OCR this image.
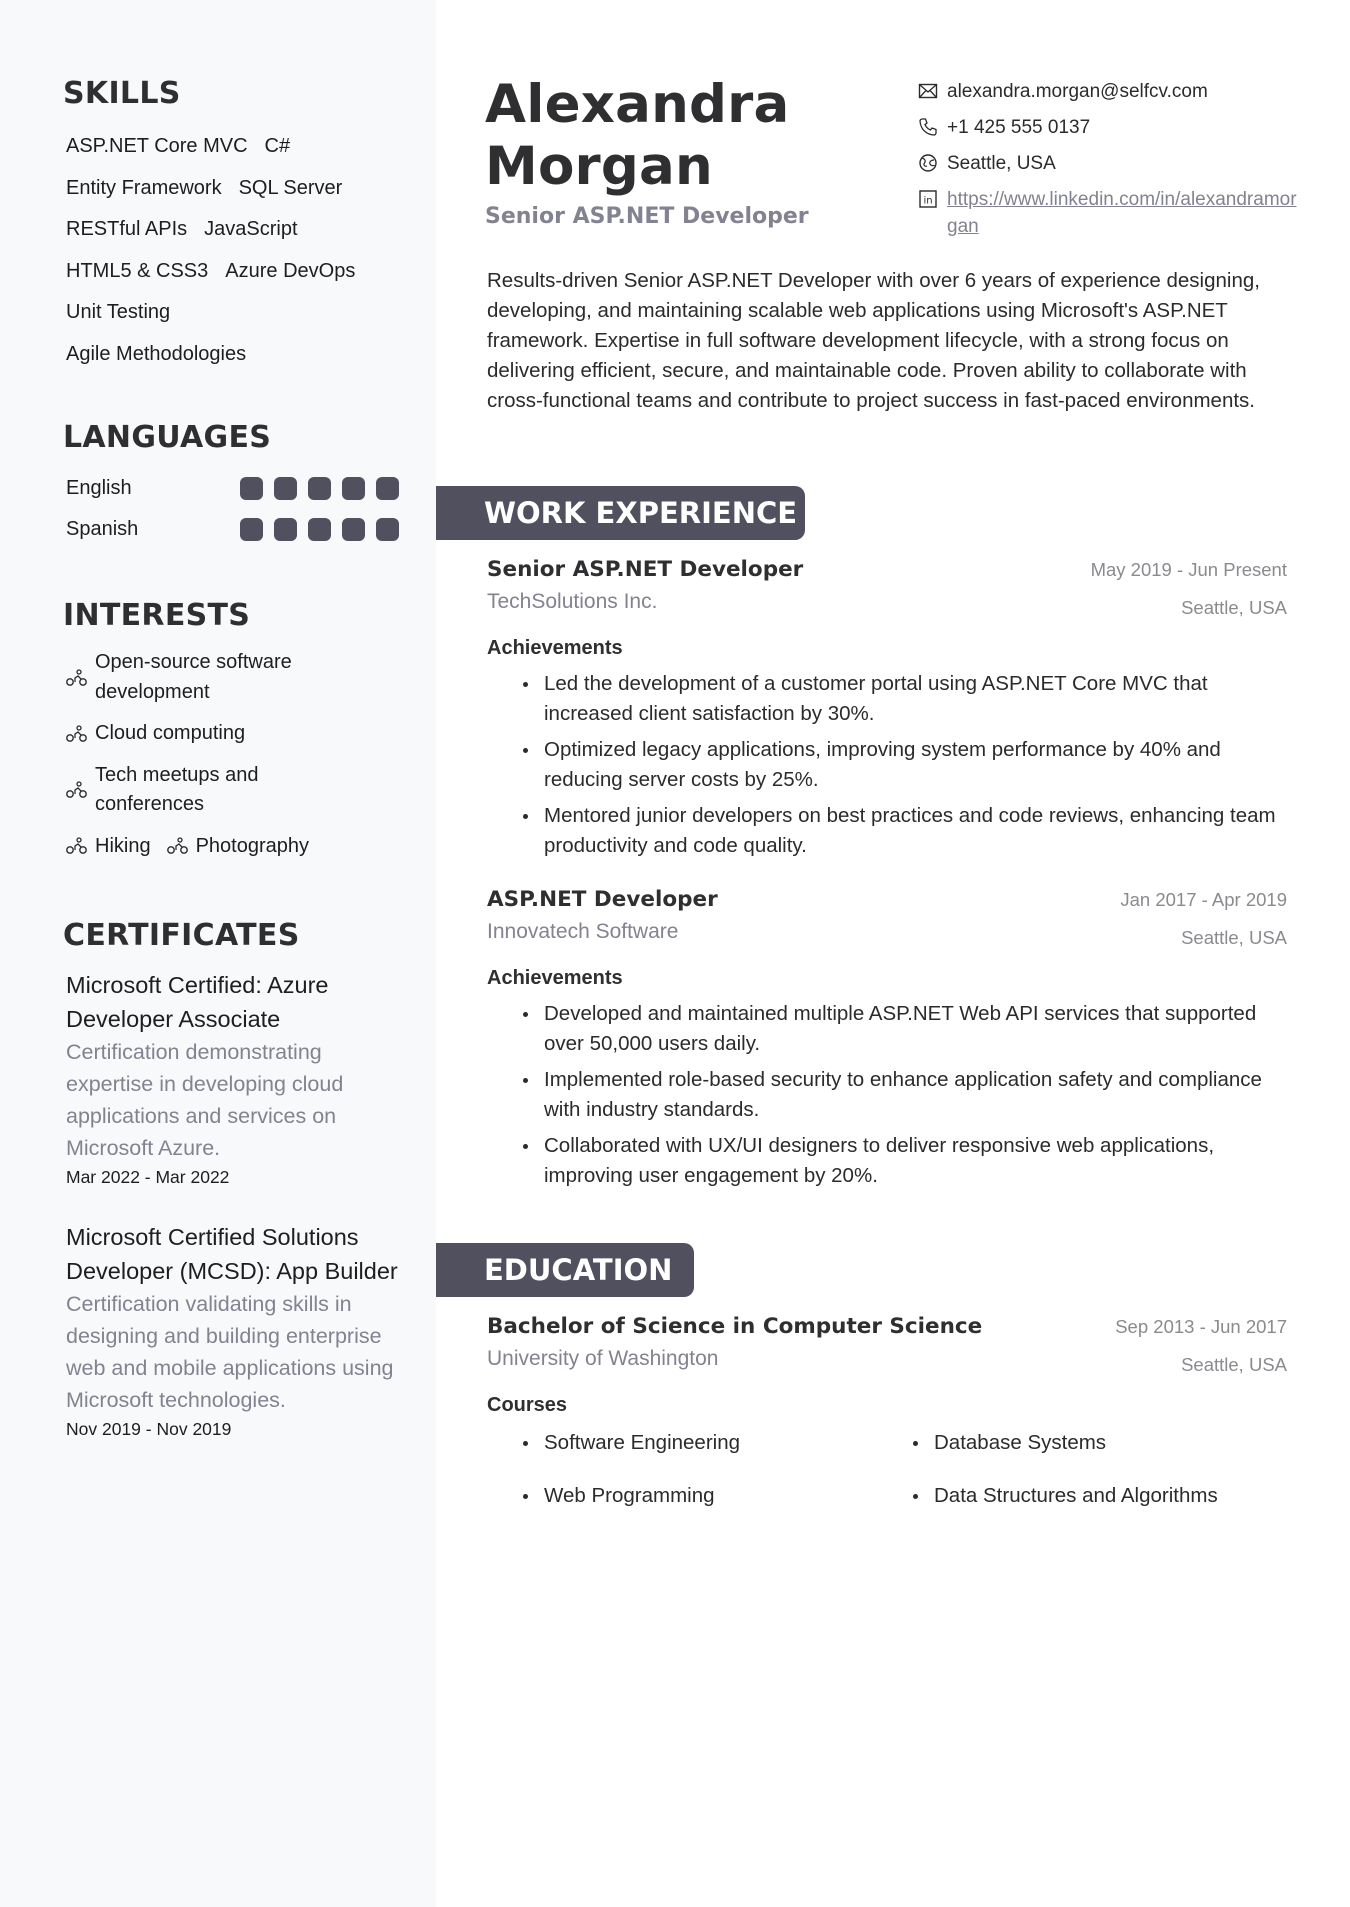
SKILLS
ASP.NET Core MVC C#
Entity Framework SQL Server
RESTful APIs JavaScript
HTML5 & CSS3 Azure DevOps
Unit Testing
Agile Methodologies
LANGUAGES
English
Spanish
INTERESTS
Open-source software development
Cloud computing
Tech meetups and conferences
Hiking Photography
CERTIFICATES
Microsoft Certified: Azure Developer Associate
Certification demonstrating expertise in developing cloud applications and services on Microsoft Azure.
Mar 2022 - Mar 2022
Microsoft Certified Solutions Developer (MCSD): App Builder
Certification validating skills in designing and building enterprise web and mobile applications using Microsoft technologies.
Nov 2019 - Nov 2019
Alexandra
Morgan
Senior ASP.NET Developer
alexandra.morgan@selfcv.com
+1 425 555 0137
Seattle, USA
in https://www.linkedin.com/in/alexandramorgan

Results-driven Senior ASP.NET Developer with over 6 years of experience designing, developing, and maintaining scalable web applications using Microsoft's ASP.NET framework. Expertise in full software development lifecycle, with a strong focus on delivering efficient, secure, and maintainable code. Proven ability to collaborate with cross-functional teams and contribute to project success in fast-paced environments.

WORK EXPERIENCE
Senior ASP.NET Developer	May 2019 - Jun Present
TechSolutions Inc.	Seattle, USA
Achievements
Led the development of a customer portal using ASP.NET Core MVC that increased client satisfaction by 30%.
Optimized legacy applications, improving system performance by 40% and reducing server costs by 25%.
Mentored junior developers on best practices and code reviews, enhancing team productivity and code quality.
ASP.NET Developer	Jan 2017 - Apr 2019
Innovatech Software	Seattle, USA
Achievements
Developed and maintained multiple ASP.NET Web API services that supported over 50,000 users daily.
Implemented role-based security to enhance application safety and compliance with industry standards.
Collaborated with UX/UI designers to deliver responsive web applications, improving user engagement by 20%.
EDUCATION
Bachelor of Science in Computer Science	Sep 2013 - Jun 2017
University of Washington	Seattle, USA
Courses
Software Engineering	Database Systems
Web Programming	Data Structures and Algorithms
